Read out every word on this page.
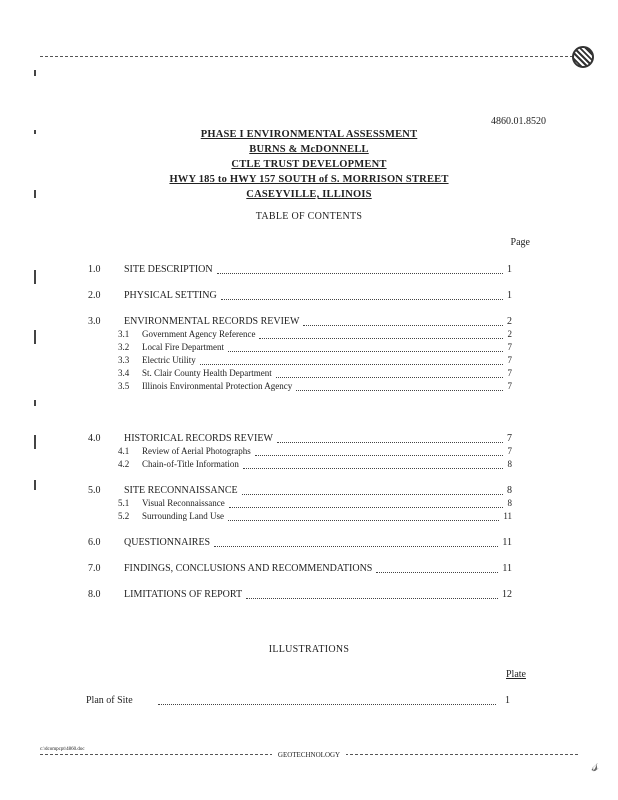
4860.01.8520
PHASE I ENVIRONMENTAL ASSESSMENT
BURNS & McDONNELL
CTLE TRUST DEVELOPMENT
HWY 185 to HWY 157 SOUTH of S. MORRISON STREET
CASEYVILLE, ILLINOIS
TABLE OF CONTENTS
Page
1.0 SITE DESCRIPTION	1
2.0 PHYSICAL SETTING	1
3.0 ENVIRONMENTAL RECORDS REVIEW	2
3.1 Government Agency Reference	2
3.2 Local Fire Department	7
3.3 Electric Utility	7
3.4 St. Clair County Health Department	7
3.5 Illinois Environmental Protection Agency	7
4.0 HISTORICAL RECORDS REVIEW	7
4.1 Review of Aerial Photographs	7
4.2 Chain-of-Title Information	8
5.0 SITE RECONNAISSANCE	8
5.1 Visual Reconnaissance	8
5.2 Surrounding Land Use	11
6.0 QUESTIONNAIRES	11
7.0 FINDINGS, CONCLUSIONS AND RECOMMENDATIONS	11
8.0 LIMITATIONS OF REPORT	12
ILLUSTRATIONS
Plate
Plan of Site	1
c:\dcompcpt\4860.doc
GEOTECHNOLOGY	𝓈
